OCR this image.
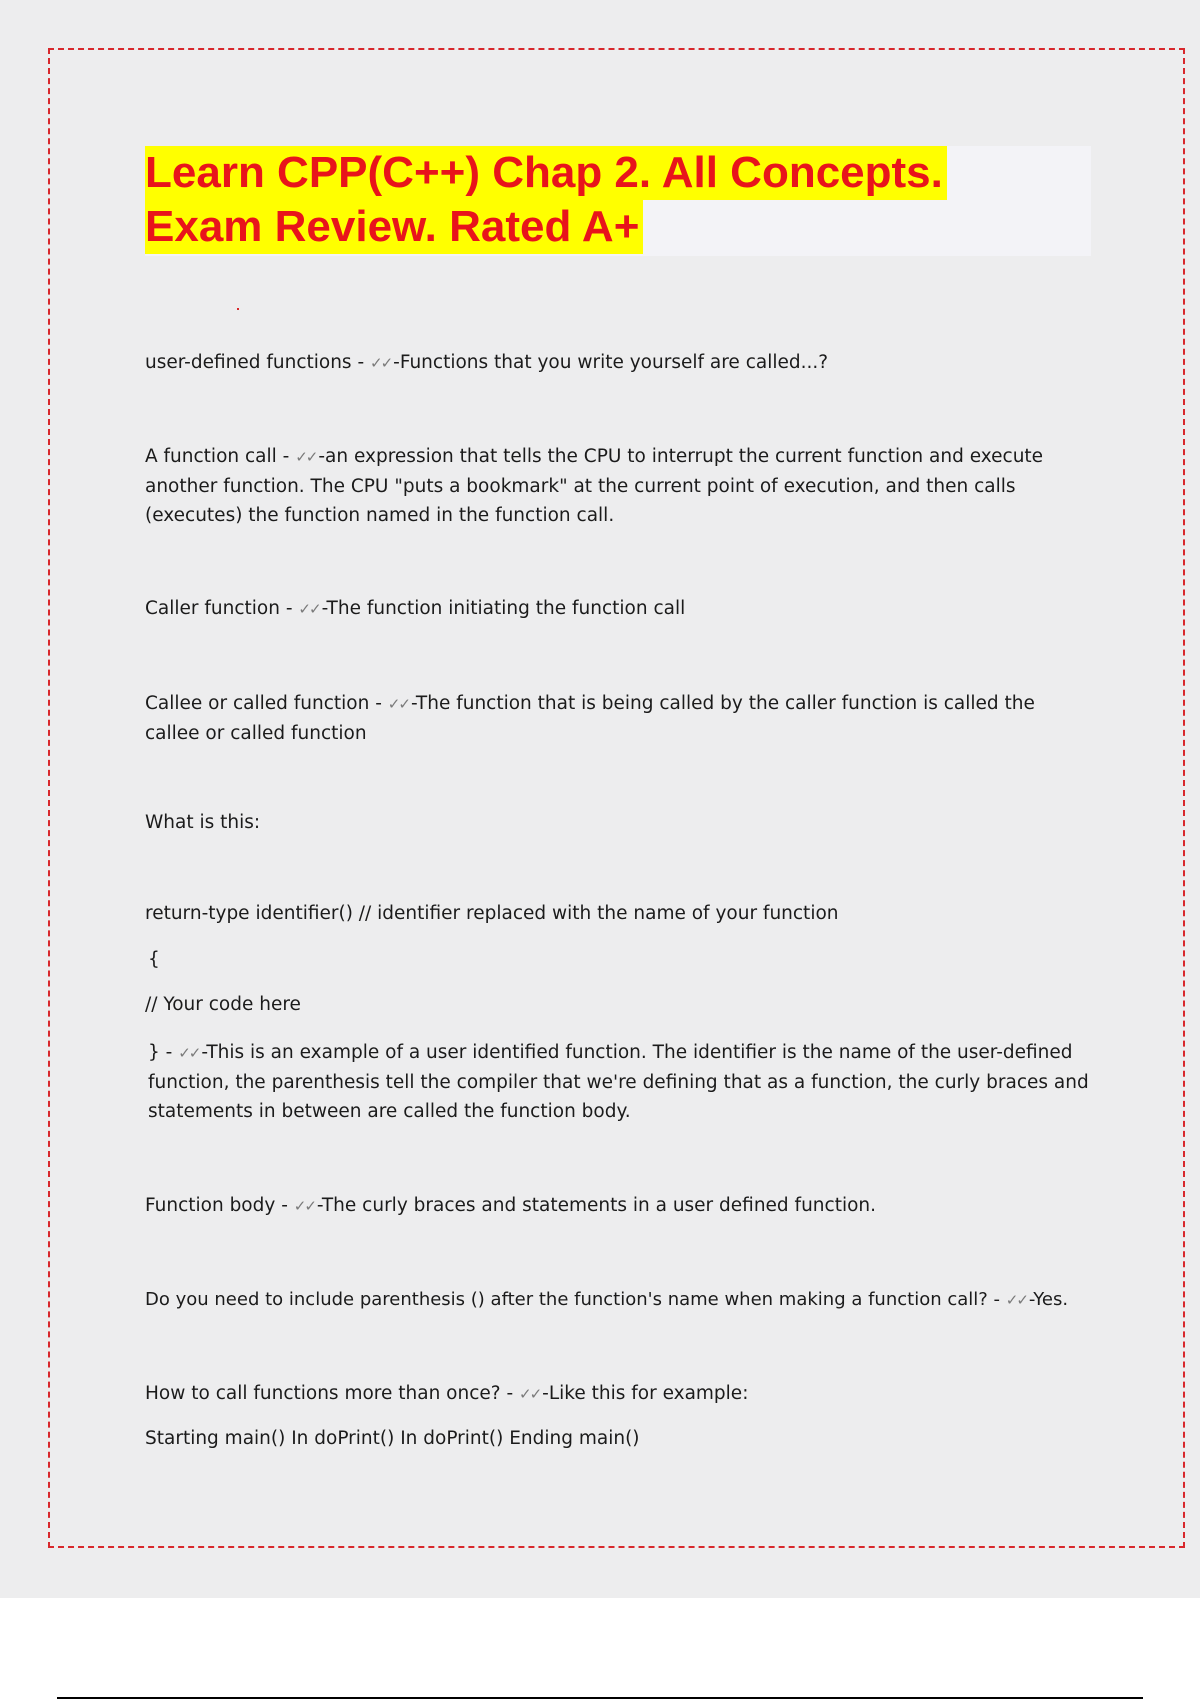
Learn CPP(C++) Chap 2. All Concepts.
Exam Review. Rated A+
user-defined functions - ✓✓ -Functions that you write yourself are called...?
A function call - ✓✓ -an expression that tells the CPU to interrupt the current function and execute another function. The CPU "puts a bookmark" at the current point of execution, and then calls (executes) the function named in the function call.
Caller function - ✓✓ -The function initiating the function call
Callee or called function - ✓✓ -The function that is being called by the caller function is called the callee or called function
What is this:
return-type identifier() // identifier replaced with the name of your function
{
// Your code here
} - ✓✓ -This is an example of a user identified function. The identifier is the name of the user-defined function, the parenthesis tell the compiler that we're defining that as a function, the curly braces and statements in between are called the function body.
Function body - ✓✓ -The curly braces and statements in a user defined function.
Do you need to include parenthesis () after the function's name when making a function call? - ✓✓ -Yes.
How to call functions more than once? - ✓✓ -Like this for example:
Starting main() In doPrint() In doPrint() Ending main()
